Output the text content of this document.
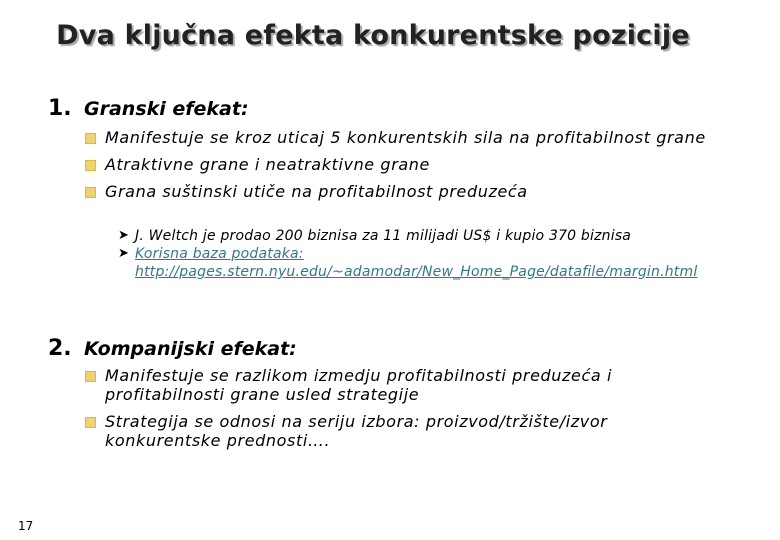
Dva ključna efekta konkurentske pozicije
1. Granski efekat:
Manifestuje se kroz uticaj 5 konkurentskih sila na profitabilnost grane
Atraktivne grane i neatraktivne grane
Grana suštinski utiče na profitabilnost preduzeća
➤ J. Weltch je prodao 200 biznisa za 11 milijadi US$ i kupio 370 biznisa
➤ Korisna baza podataka:
http://pages.stern.nyu.edu/~adamodar/New_Home_Page/datafile/margin.html
2. Kompanijski efekat:
Manifestuje se razlikom izmedju profitabilnosti preduzeća i profitabilnosti grane usled strategije
Strategija se odnosi na seriju izbora: proizvod/tržište/izvor konkurentske prednosti….
17
